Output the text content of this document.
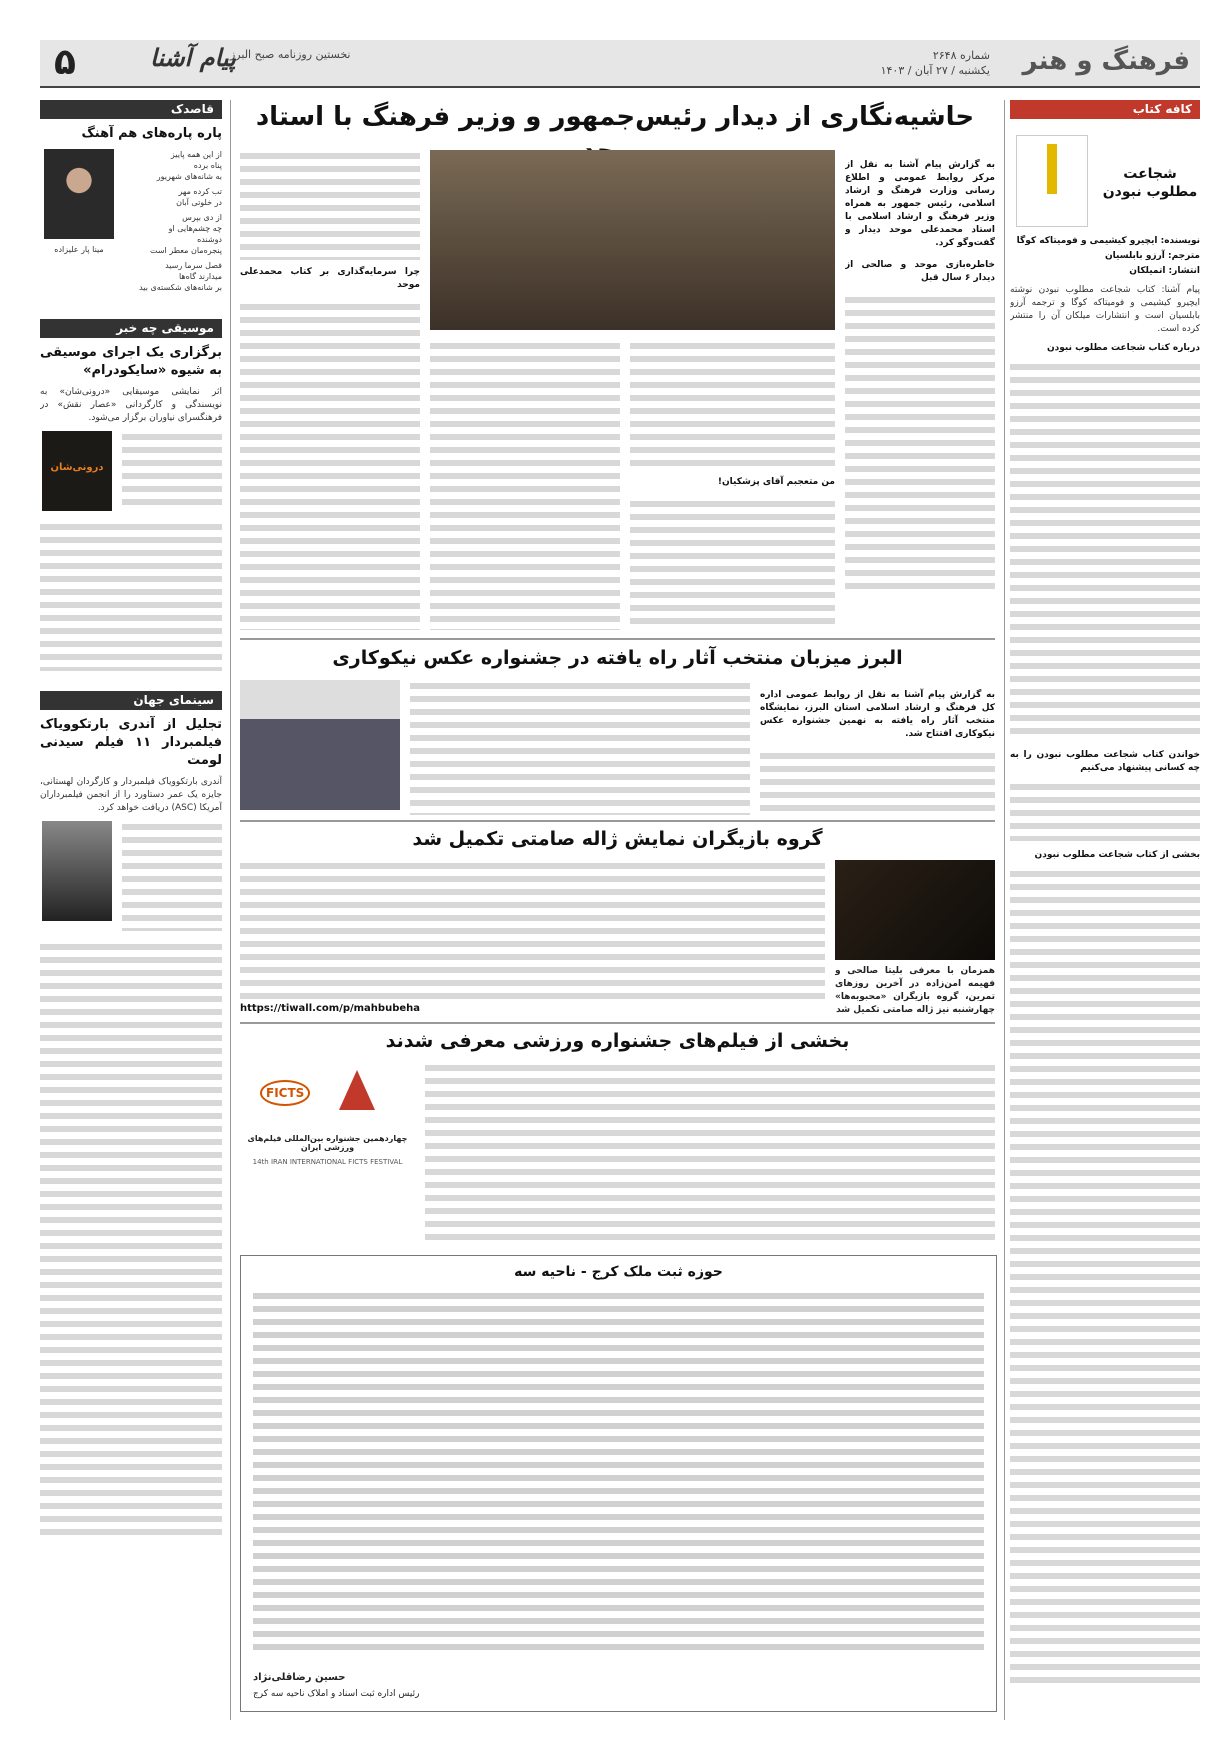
فرهنگ و هنر
شماره ۲۶۴۸
یکشنبه / ۲۷ آبان / ۱۴۰۳
نخستین روزنامه صبح البرز
پیام آشنا
۵
کافه کتاب
شجاعت مطلوب نبودن

نویسنده: ایچیرو کیشیمی و فومیتاکه کوگا

مترجم: آرزو بابلسیان

انتشار: اتمیلکان

پیام آشنا: کتاب شجاعت مطلوب نبودن نوشته ایچیرو کیشیمی و فومیتاکه کوگا و ترجمه آرزو بابلسیان است و انتشارات میلکان آن را منتشر کرده است.

درباره کتاب شجاعت مطلوب نبودن

خواندن کتاب شجاعت مطلوب نبودن را به چه کسانی پیشنهاد می‌کنیم

بخشی از کتاب شجاعت مطلوب نبودن

حاشیه‌نگاری از دیدار رئیس‌جمهور و وزیر فرهنگ با استاد

به گزارش پیام آشنا به نقل از مرکز روابط عمومی و اطلاع رسانی وزارت فرهنگ و ارشاد اسلامی، رئیس جمهور به همراه وزیر فرهنگ و ارشاد اسلامی با استاد محمدعلی موحد دیدار و گفت‌وگو کرد.

خاطره‌بازی موحد و صالحی از دیدار ۶ سال قبل

من متعجبم آقای پزشکیان!

چرا سرمایه‌گذاری بر کتاب محمدعلی موحد

البرز میزبان منتخب آثار راه یافته در جشنواره عکس نیکوکاری

به گزارش پیام آشنا به نقل از روابط عمومی اداره کل فرهنگ و ارشاد اسلامی استان البرز، نمایشگاه منتخب آثار راه یافته به نهمین جشنواره عکس نیکوکاری افتتاح شد.

گروه بازیگران نمایش ژاله صامتی تکمیل شد
همزمان با معرفی بلیتا صالحی و فهیمه امن‌زاده در آخرین روزهای تمرین، گروه بازیگران «محبوبه‌ها» چهارشنبه نیز ژاله صامتی تکمیل شد
https://tiwall.com/p/mahbubeha
بخشی از فیلم‌های جشنواره ورزشی معرفی شدند
FICTS
چهاردهمین جشنواره بین‌المللی فیلم‌های ورزشی ایران
14th IRAN INTERNATIONAL FICTS FESTIVAL
حوزه ثبت ملک کرج - ناحیه سه
حسین رضاقلی‌نژاد
رئیس اداره ثبت اسناد و املاک ناحیه سه کرج
قاصدک
پاره پاره‌های هم آهنگ
مینا پار علیزاده
از این همه پاییز
پناه برده
به شانه‌های شهریور
تب کرده مهر
در خلوتی آبان
از دی بپرس
چه چشم‌هایی او
دوشنده
پنجره‌مان معطر است
فصل سرما رسید
میدارند گاه‌ها
بر شانه‌های شکسته‌ی بید
موسیقی چه خبر
برگزاری یک اجرای موسیقی به شیوه «سایکودرام»

اثر نمایشی موسیقایی «درونی‌شان» به نویسندگی و کارگردانی «عصار نقش» در فرهنگسرای نیاوران برگزار می‌شود.

درونی‌شان
سینمای جهان
تجلیل از آندری بارتکوویاک فیلمبردار ۱۱ فیلم سیدنی لومت

آندری بارتکوویاک فیلمبردار و کارگردان لهستانی، جایزه یک عمر دستاورد را از انجمن فیلمبرداران آمریکا (ASC) دریافت خواهد کرد.
